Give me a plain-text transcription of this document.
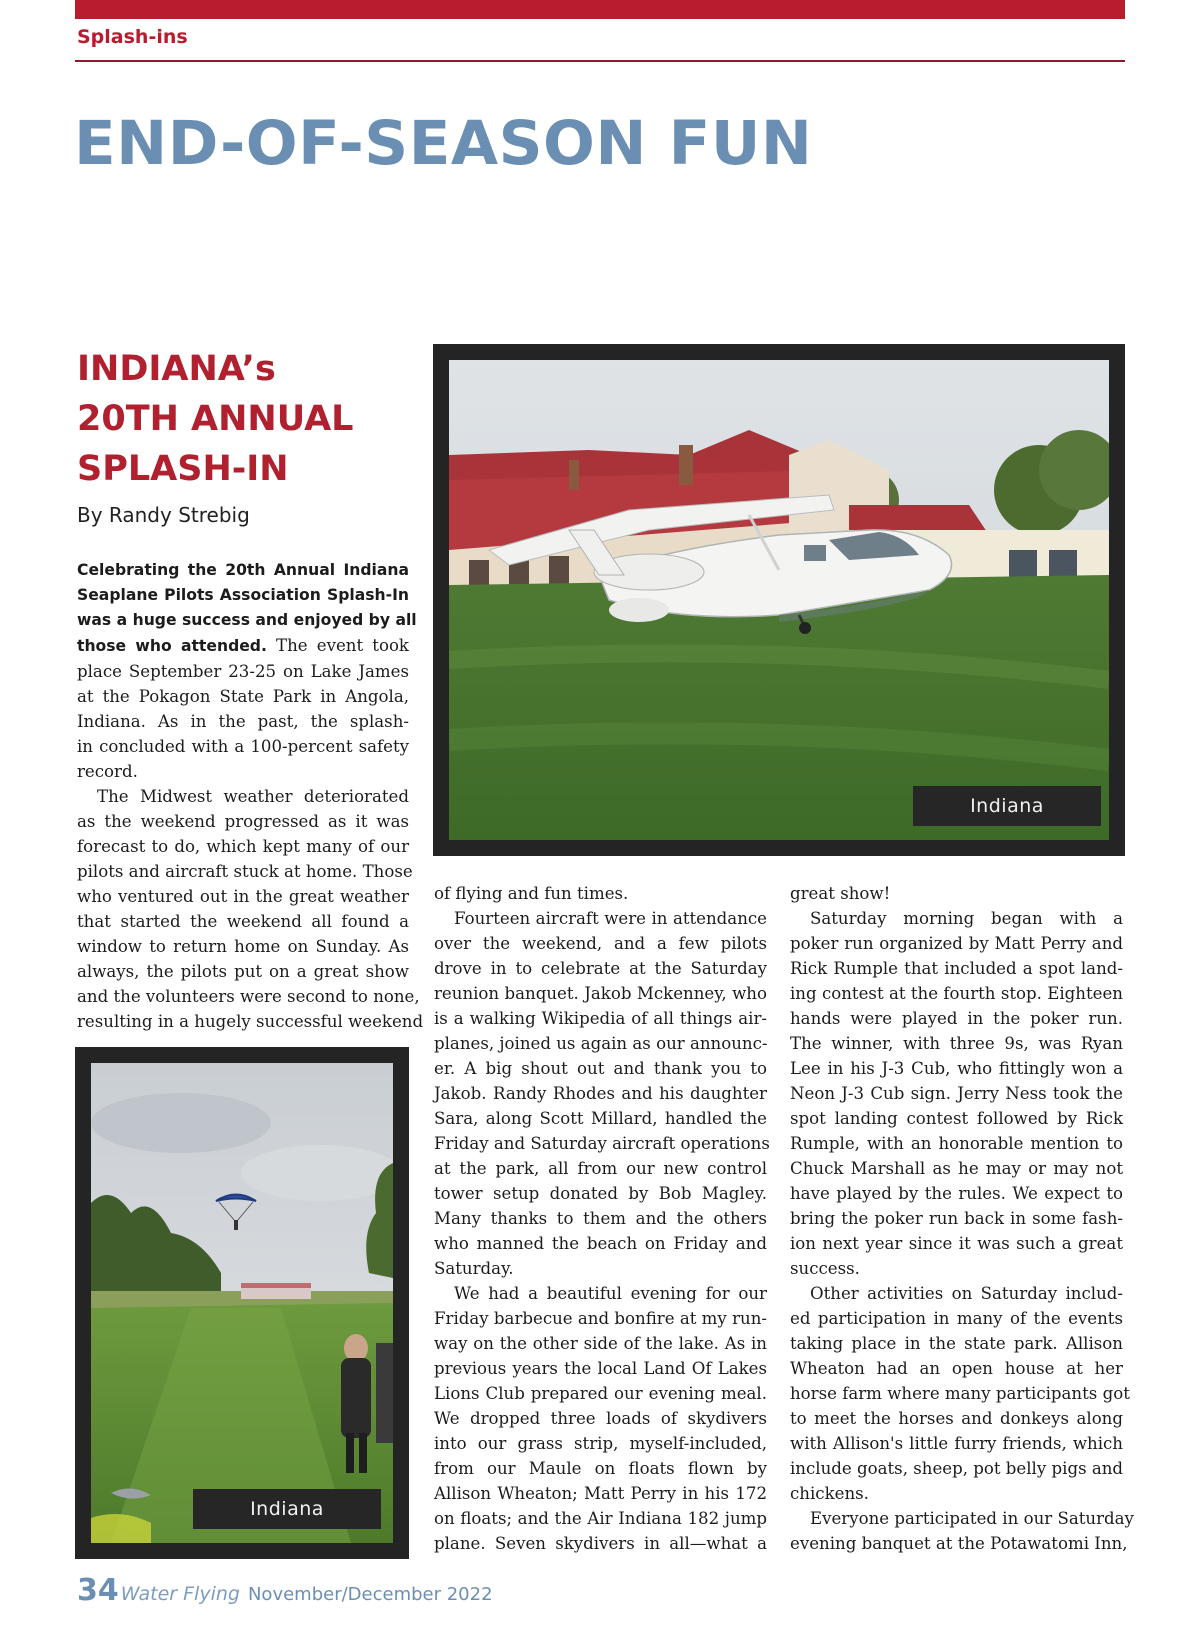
Splash-ins
END-OF-SEASON FUN
INDIANA’s
20TH ANNUAL
SPLASH-IN
By Randy Strebig
Celebrating the 20th Annual Indiana
Seaplane Pilots Association Splash-In
was a huge success and enjoyed by all
those who attended. The event took
place September 23-25 on Lake James
at the Pokagon State Park in Angola,
Indiana. As in the past, the splash-
in concluded with a 100-percent safety
record.
The Midwest weather deteriorated
as the weekend progressed as it was
forecast to do, which kept many of our
pilots and aircraft stuck at home. Those
who ventured out in the great weather
that started the weekend all found a
window to return home on Sunday. As
always, the pilots put on a great show
and the volunteers were second to none,
resulting in a hugely successful weekend
Indiana
of flying and fun times.
Fourteen aircraft were in attendance
over the weekend, and a few pilots
drove in to celebrate at the Saturday
reunion banquet. Jakob Mckenney, who
is a walking Wikipedia of all things air-
planes, joined us again as our announc-
er. A big shout out and thank you to
Jakob. Randy Rhodes and his daughter
Sara, along Scott Millard, handled the
Friday and Saturday aircraft operations
at the park, all from our new control
tower setup donated by Bob Magley.
Many thanks to them and the others
who manned the beach on Friday and
Saturday.
We had a beautiful evening for our
Friday barbecue and bonfire at my run-
way on the other side of the lake. As in
previous years the local Land Of Lakes
Lions Club prepared our evening meal.
We dropped three loads of skydivers
into our grass strip, myself-included,
from our Maule on floats flown by
Allison Wheaton; Matt Perry in his 172
on floats; and the Air Indiana 182 jump
plane. Seven skydivers in all—what a
great show!
Saturday morning began with a
poker run organized by Matt Perry and
Rick Rumple that included a spot land-
ing contest at the fourth stop. Eighteen
hands were played in the poker run.
The winner, with three 9s, was Ryan
Lee in his J-3 Cub, who fittingly won a
Neon J-3 Cub sign. Jerry Ness took the
spot landing contest followed by Rick
Rumple, with an honorable mention to
Chuck Marshall as he may or may not
have played by the rules. We expect to
bring the poker run back in some fash-
ion next year since it was such a great
success.
Other activities on Saturday includ-
ed participation in many of the events
taking place in the state park. Allison
Wheaton had an open house at her
horse farm where many participants got
to meet the horses and donkeys along
with Allison's little furry friends, which
include goats, sheep, pot belly pigs and
chickens.
Everyone participated in our Saturday
evening banquet at the Potawatomi Inn,
Indiana
34 Water Flying November/December 2022
